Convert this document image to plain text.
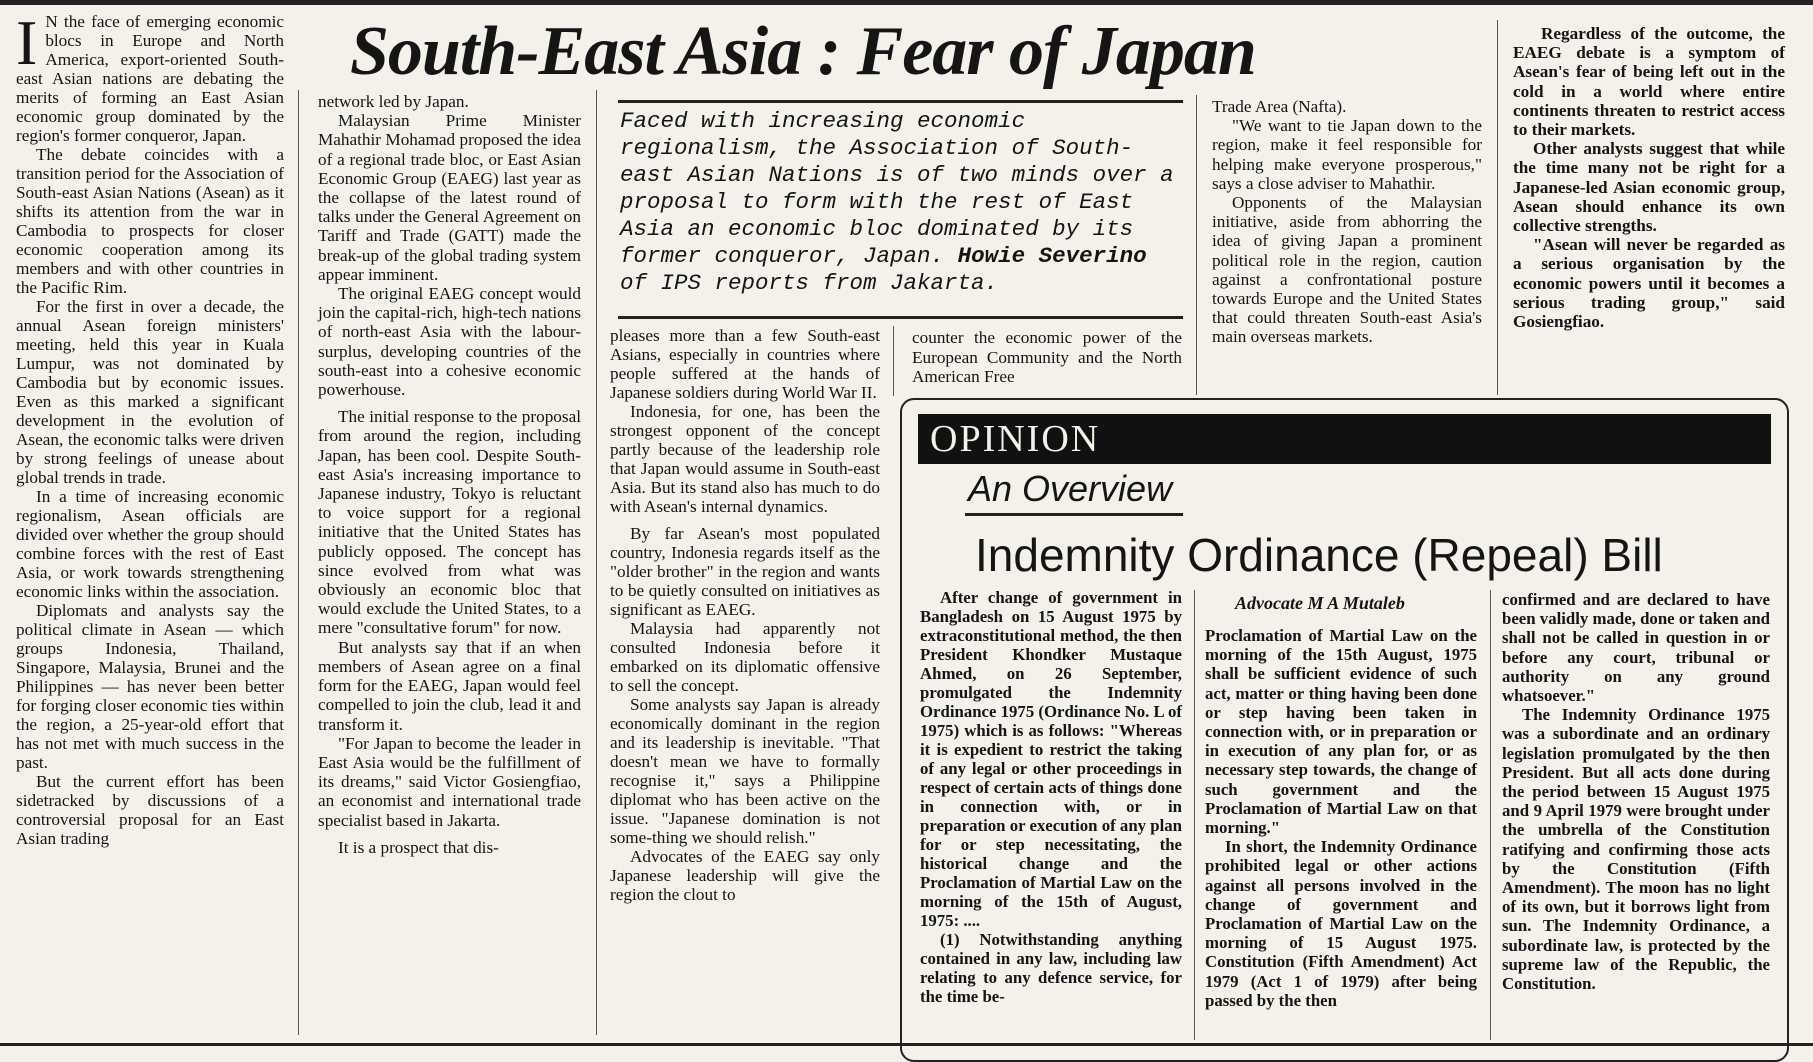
I N the face of emerging economic blocs in Europe and North America, export-oriented South-east Asian nations are debating the merits of forming an East Asian economic group dominated by the region's former conqueror, Japan.

The debate coincides with a transition period for the Association of South-east Asian Nations (Asean) as it shifts its attention from the war in Cambodia to prospects for closer economic cooperation among its members and with other countries in the Pacific Rim.

For the first in over a decade, the annual Asean foreign ministers' meeting, held this year in Kuala Lumpur, was not dominated by Cambodia but by economic issues. Even as this marked a significant development in the evolution of Asean, the economic talks were driven by strong feelings of unease about global trends in trade.

In a time of increasing economic regionalism, Asean officials are divided over whether the group should combine forces with the rest of East Asia, or work towards strengthening economic links within the association.

Diplomats and analysts say the political climate in Asean — which groups Indonesia, Thailand, Singapore, Malaysia, Brunei and the Philippines — has never been better for forging closer economic ties within the region, a 25-year-old effort that has not met with much success in the past.

But the current effort has been sidetracked by discussions of a controversial proposal for an East Asian trading

South-East Asia : Fear of Japan

network led by Japan.

Malaysian Prime Minister Mahathir Mohamad proposed the idea of a regional trade bloc, or East Asian Economic Group (EAEG) last year as the collapse of the latest round of talks under the General Agreement on Tariff and Trade (GATT) made the break-up of the global trading system appear imminent.

The original EAEG concept would join the capital-rich, high-tech nations of north-east Asia with the labour-surplus, developing countries of the south-east into a cohesive economic powerhouse.

The initial response to the proposal from around the region, including Japan, has been cool. Despite South-east Asia's increasing importance to Japanese industry, Tokyo is reluctant to voice support for a regional initiative that the United States has publicly opposed. The concept has since evolved from what was obviously an economic bloc that would exclude the United States, to a mere "consultative forum" for now.

But analysts say that if an when members of Asean agree on a final form for the EAEG, Japan would feel compelled to join the club, lead it and transform it.

"For Japan to become the leader in East Asia would be the fulfillment of its dreams," said Victor Gosiengfiao, an economist and international trade specialist based in Jakarta.

It is a prospect that dis-

Faced with increasing economic regionalism, the Association of South-east Asian Nations is of two minds over a proposal to form with the rest of East Asia an economic bloc dominated by its former conqueror, Japan. Howie Severino of IPS reports from Jakarta.

pleases more than a few South-east Asians, especially in countries where people suffered at the hands of Japanese soldiers during World War II.

Indonesia, for one, has been the strongest opponent of the concept partly because of the leadership role that Japan would assume in South-east Asia. But its stand also has much to do with Asean's internal dynamics.

By far Asean's most populated country, Indonesia regards itself as the "older brother" in the region and wants to be quietly consulted on initiatives as significant as EAEG.

Malaysia had apparently not consulted Indonesia before it embarked on its diplomatic offensive to sell the concept.

Some analysts say Japan is already economically dominant in the region and its leadership is inevitable. "That doesn't mean we have to formally recognise it," says a Philippine diplomat who has been active on the issue. "Japanese domination is not some-thing we should relish."

Advocates of the EAEG say only Japanese leadership will give the region the clout to

counter the economic power of the European Community and the North American Free

Trade Area (Nafta).

"We want to tie Japan down to the region, make it feel responsible for helping make everyone prosperous," says a close adviser to Mahathir.

Opponents of the Malaysian initiative, aside from abhorring the idea of giving Japan a prominent political role in the region, caution against a confrontational posture towards Europe and the United States that could threaten South-east Asia's main overseas markets.

Regardless of the outcome, the EAEG debate is a symptom of Asean's fear of being left out in the cold in a world where entire continents threaten to restrict access to their markets.

Other analysts suggest that while the time many not be right for a Japanese-led Asian economic group, Asean should enhance its own collective strengths.

"Asean will never be regarded as a serious organisation by the economic powers until it becomes a serious trading group," said Gosiengfiao.

OPINION
An Overview
Indemnity Ordinance (Repeal) Bill
Advocate M A Mutaleb

After change of government in Bangladesh on 15 August 1975 by extraconstitutional method, the then President Khondker Mustaque Ahmed, on 26 September, promulgated the Indemnity Ordinance 1975 (Ordinance No. L of 1975) which is as follows: "Whereas it is expedient to restrict the taking of any legal or other proceedings in respect of certain acts of things done in connection with, or in preparation or execution of any plan for or step necessitating, the historical change and the Proclamation of Martial Law on the morning of the 15th of August, 1975: ....

(1) Notwithstanding anything contained in any law, including law relating to any defence service, for the time be-

Proclamation of Martial Law on the morning of the 15th August, 1975 shall be sufficient evidence of such act, matter or thing having been done or step having been taken in connection with, or in preparation or in execution of any plan for, or as necessary step towards, the change of such government and the Proclamation of Martial Law on that morning."

In short, the Indemnity Ordinance prohibited legal or other actions against all persons involved in the change of government and Proclamation of Martial Law on the morning of 15 August 1975. Constitution (Fifth Amendment) Act 1979 (Act 1 of 1979) after being passed by the then

confirmed and are declared to have been validly made, done or taken and shall not be called in question in or before any court, tribunal or authority on any ground whatsoever."

The Indemnity Ordinance 1975 was a subordinate and an ordinary legislation promulgated by the then President. But all acts done during the period between 15 August 1975 and 9 April 1979 were brought under the umbrella of the Constitution ratifying and confirming those acts by the Constitution (Fifth Amendment). The moon has no light of its own, but it borrows light from sun. The Indemnity Ordinance, a subordinate law, is protected by the supreme law of the Republic, the Constitution.
